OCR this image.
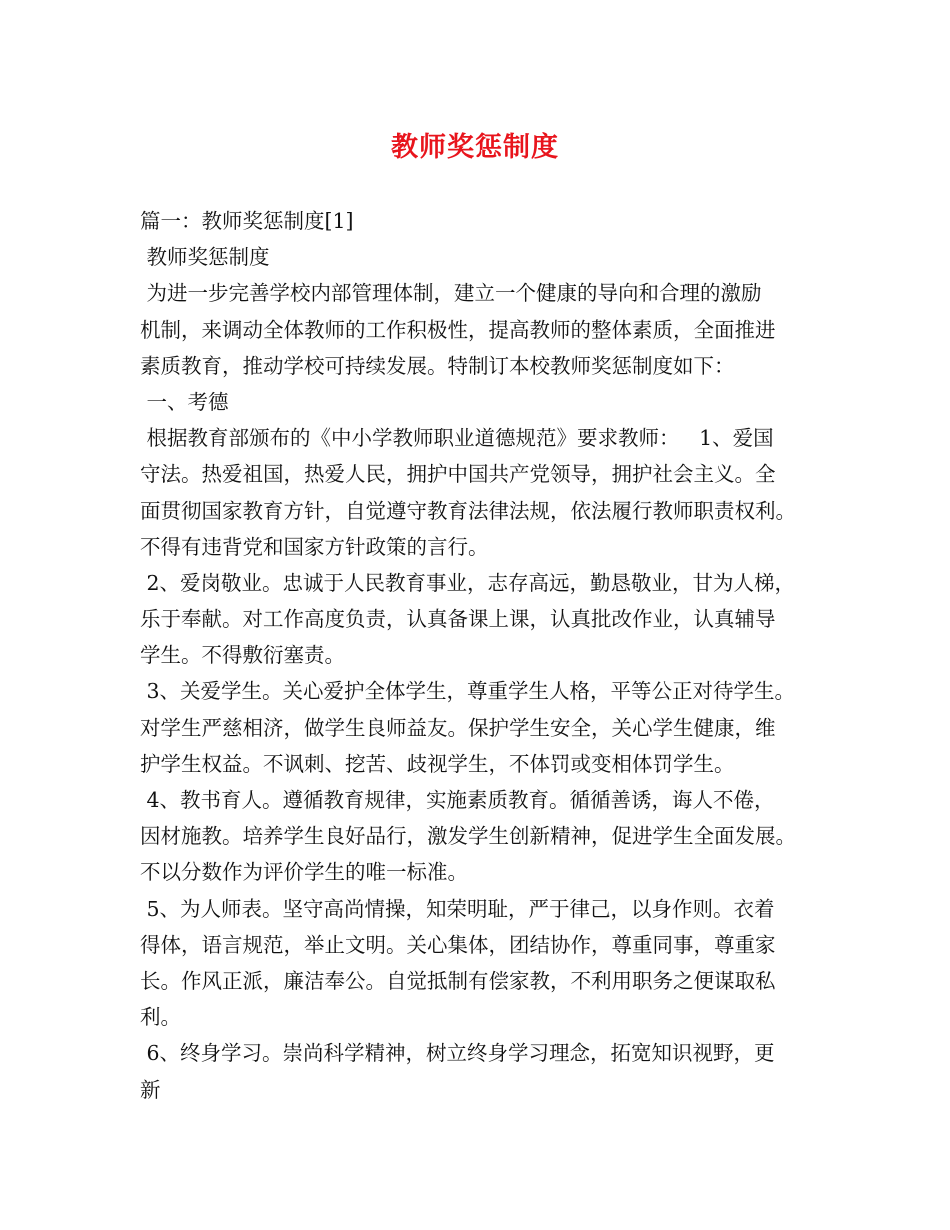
教师奖惩制度
篇一：教师奖惩制度[1]
教师奖惩制度
为进一步完善学校内部管理体制，建立一个健康的导向和合理的激励
机制，来调动全体教师的工作积极性，提高教师的整体素质，全面推进
素质教育，推动学校可持续发展。特制订本校教师奖惩制度如下：
一、考德
根据教育部颁布的《中小学教师职业道德规范》要求教师：   1、爱国
守法。热爱祖国，热爱人民，拥护中国共产党领导，拥护社会主义。全
面贯彻国家教育方针，自觉遵守教育法律法规，依法履行教师职责权利。
不得有违背党和国家方针政策的言行。
2、爱岗敬业。忠诚于人民教育事业，志存高远，勤恳敬业，甘为人梯，
乐于奉献。对工作高度负责，认真备课上课，认真批改作业，认真辅导
学生。不得敷衍塞责。
3、关爱学生。关心爱护全体学生，尊重学生人格，平等公正对待学生。
对学生严慈相济，做学生良师益友。保护学生安全，关心学生健康，维
护学生权益。不讽刺、挖苦、歧视学生，不体罚或变相体罚学生。
4、教书育人。遵循教育规律，实施素质教育。循循善诱，诲人不倦，
因材施教。培养学生良好品行，激发学生创新精神，促进学生全面发展。
不以分数作为评价学生的唯一标准。
5、为人师表。坚守高尚情操，知荣明耻，严于律己，以身作则。衣着
得体，语言规范，举止文明。关心集体，团结协作，尊重同事，尊重家
长。作风正派，廉洁奉公。自觉抵制有偿家教，不利用职务之便谋取私
利。
6、终身学习。崇尚科学精神，树立终身学习理念，拓宽知识视野，更
新
